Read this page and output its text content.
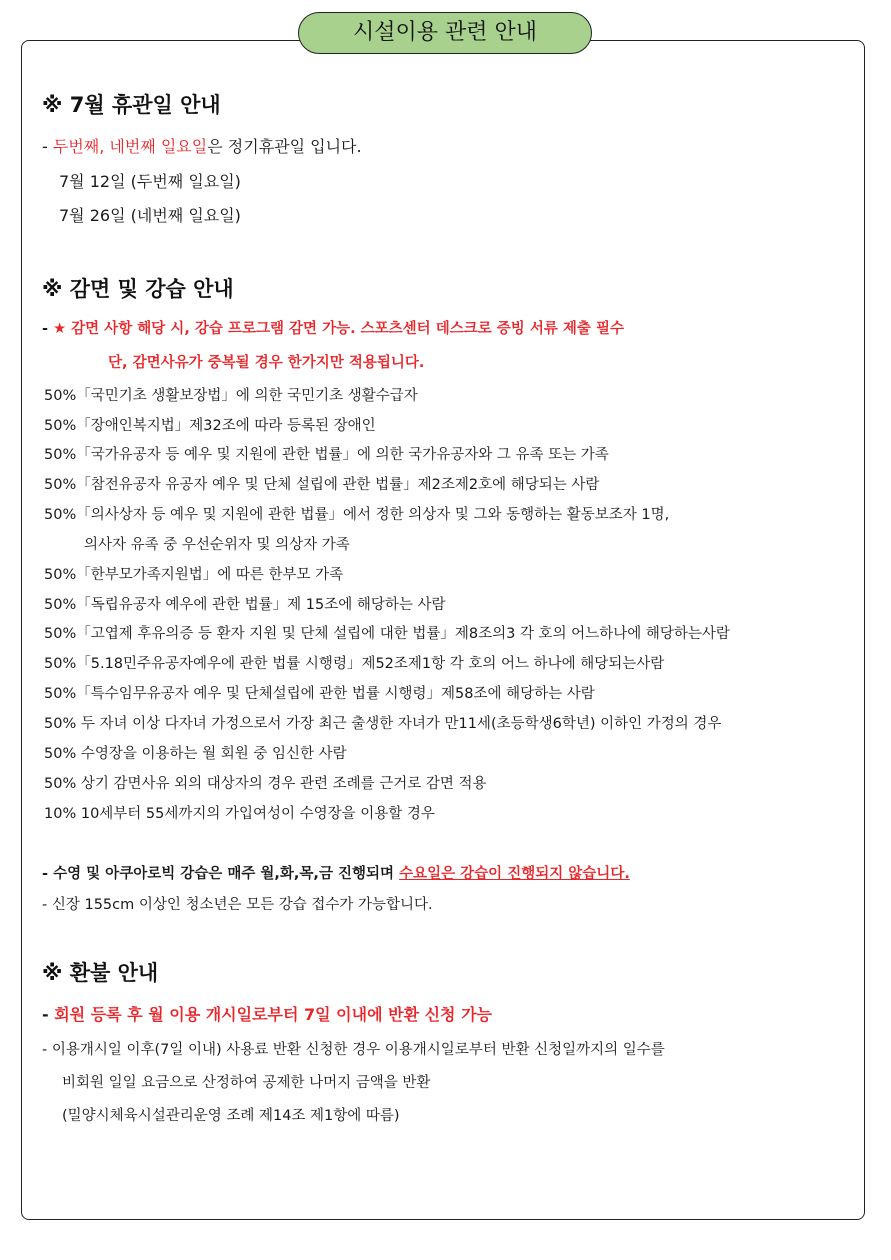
시설이용 관련 안내
※ 7월 휴관일 안내
- 두번째, 네번째 일요일은 정기휴관일 입니다.
7월 12일 (두번째 일요일)
7월 26일 (네번째 일요일)
※ 감면 및 강습 안내
- ★ 감면 사항 해당 시, 강습 프로그램 감면 가능. 스포츠센터 데스크로 증빙 서류 제출 필수
단, 감면사유가 중복될 경우 한가지만 적용됩니다.
50%「국민기초 생활보장법」에 의한 국민기초 생활수급자
50%「장애인복지법」제32조에 따라 등록된 장애인
50%「국가유공자 등 예우 및 지원에 관한 법률」에 의한 국가유공자와 그 유족 또는 가족
50%「참전유공자 유공자 예우 및 단체 설립에 관한 법률」제2조제2호에 해당되는 사람
50%「의사상자 등 예우 및 지원에 관한 법률」에서 정한 의상자 및 그와 동행하는 활동보조자 1명,
의사자 유족 중 우선순위자 및 의상자 가족
50%「한부모가족지원법」에 따른 한부모 가족
50%「독립유공자 예우에 관한 법률」제 15조에 해당하는 사람
50%「고엽제 후유의증 등 환자 지원 및 단체 설립에 대한 법률」제8조의3 각 호의 어느하나에 해당하는사람
50%「5.18민주유공자예우에 관한 법률 시행령」제52조제1항 각 호의 어느 하나에 해당되는사람
50%「특수임무유공자 예우 및 단체설립에 관한 법률 시행령」제58조에 해당하는 사람
50% 두 자녀 이상 다자녀 가정으로서 가장 최근 출생한 자녀가 만11세(초등학생6학년) 이하인 가정의 경우
50% 수영장을 이용하는 월 회원 중 임신한 사람
50% 상기 감면사유 외의 대상자의 경우 관련 조례를 근거로 감면 적용
10% 10세부터 55세까지의 가입여성이 수영장을 이용할 경우
- 수영 및 아쿠아로빅 강습은 매주 월,화,목,금 진행되며 수요일은 강습이 진행되지 않습니다.
- 신장 155cm 이상인 청소년은 모든 강습 접수가 가능합니다.
※ 환불 안내
- 회원 등록 후 월 이용 개시일로부터 7일 이내에 반환 신청 가능
- 이용개시일 이후(7일 이내) 사용료 반환 신청한 경우 이용개시일로부터 반환 신청일까지의 일수를
비회원 일일 요금으로 산정하여 공제한 나머지 금액을 반환
(밀양시체육시설관리운영 조례 제14조 제1항에 따름)
